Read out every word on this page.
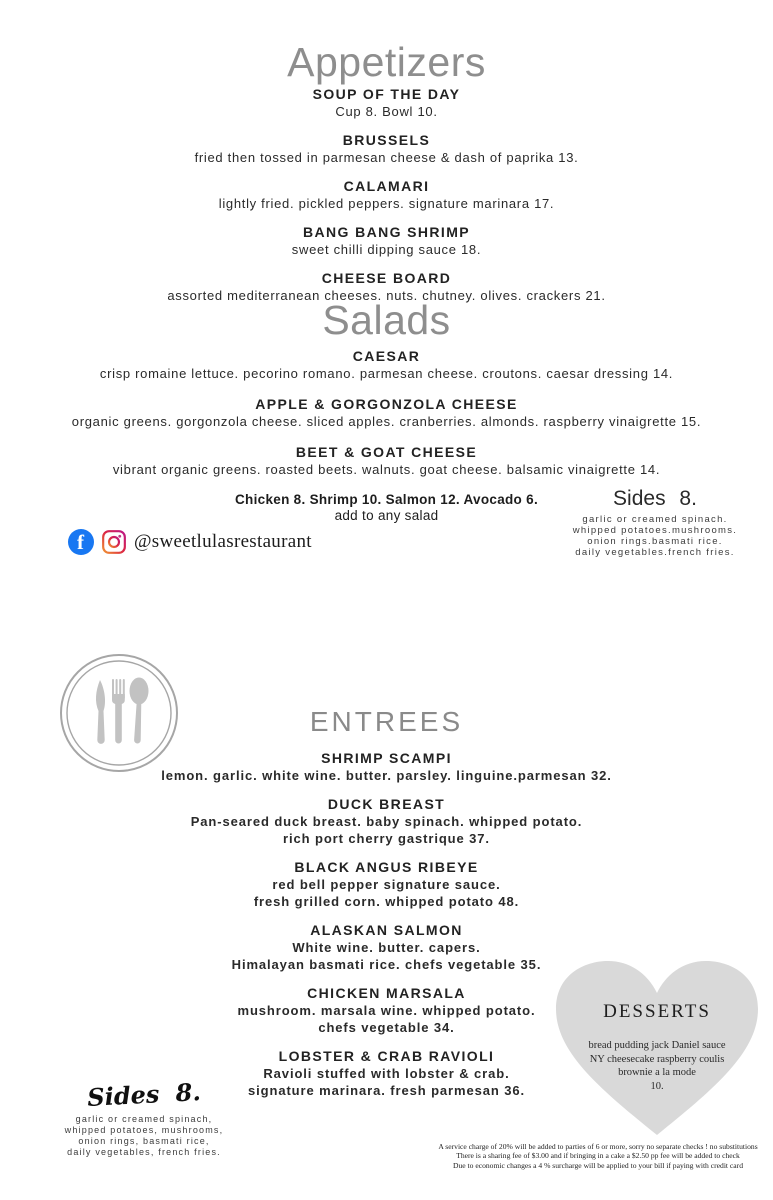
Appetizers
SOUP OF THE DAY
Cup 8. Bowl 10.
BRUSSELS
fried then tossed in parmesan cheese & dash of paprika 13.
CALAMARI
lightly fried. pickled peppers. signature marinara 17.
BANG BANG SHRIMP
sweet chilli dipping sauce 18.
CHEESE BOARD
assorted mediterranean cheeses. nuts. chutney. olives. crackers 21.
Salads
CAESAR
crisp romaine lettuce. pecorino romano. parmesan cheese. croutons. caesar dressing 14.
APPLE & GORGONZOLA CHEESE
organic greens. gorgonzola cheese. sliced apples. cranberries. almonds. raspberry vinaigrette 15.
BEET & GOAT CHEESE
vibrant organic greens. roasted beets. walnuts. goat cheese. balsamic vinaigrette 14.
Chicken 8. Shrimp 10. Salmon 12. Avocado 6.
add to any salad
Sides 8.
garlic or creamed spinach.
whipped potatoes.mushrooms.
onion rings.basmati rice.
daily vegetables.french fries.
f
@sweetlulasrestaurant
ENTREES
SHRIMP SCAMPI
lemon. garlic. white wine. butter. parsley. linguine.parmesan 32.
DUCK BREAST
Pan-seared duck breast. baby spinach. whipped potato.
rich port cherry gastrique 37.
BLACK ANGUS RIBEYE
red bell pepper signature sauce.
fresh grilled corn. whipped potato 48.
ALASKAN SALMON
White wine. butter. capers.
Himalayan basmati rice. chefs vegetable 35.
CHICKEN MARSALA
mushroom. marsala wine. whipped potato.
chefs vegetable 34.
LOBSTER & CRAB RAVIOLI
Ravioli stuffed with lobster & crab.
signature marinara. fresh parmesan 36.
Sides 8.
garlic or creamed spinach,
whipped potatoes, mushrooms,
onion rings, basmati rice,
daily vegetables, french fries.
DESSERTS
bread pudding jack Daniel sauce
NY cheesecake raspberry coulis
brownie a la mode
10.
A service charge of 20% will be added to parties of 6 or more, sorry no separate checks ! no substitutions
There is a sharing fee of $3.00 and if bringing in a cake a $2.50 pp fee will be added to check
Due to economic changes a 4 % surcharge will be applied to your bill if paying with credit card
